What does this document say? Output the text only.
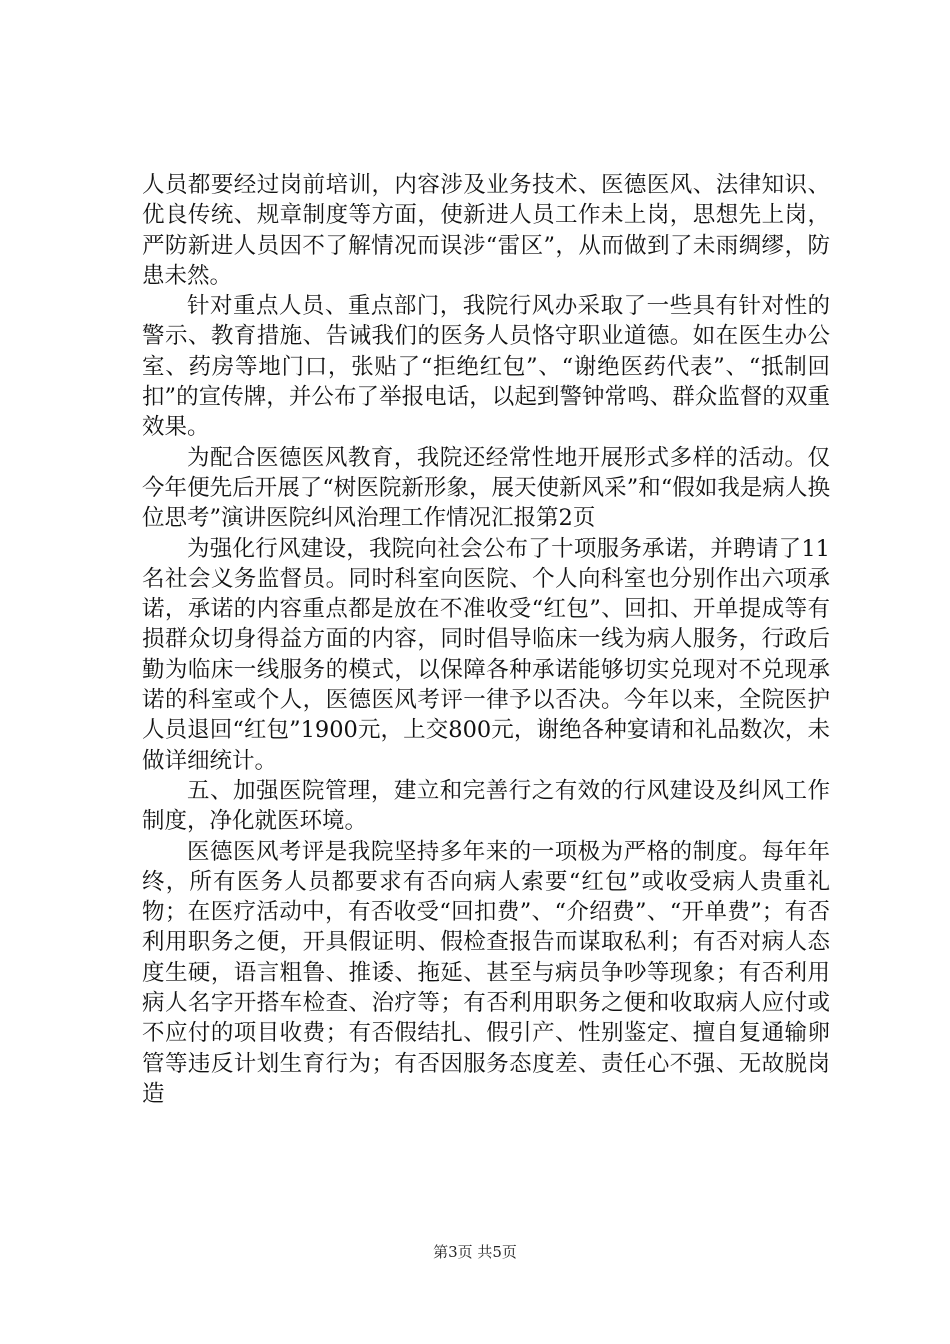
人员都要经过岗前培训，内容涉及业务技术、医德医风、法律知识、优良传统、规章制度等方面，使新进人员工作未上岗，思想先上岗，严防新进人员因不了解情况而误涉“雷区”，从而做到了未雨绸缪，防患未然。

针对重点人员、重点部门，我院行风办采取了一些具有针对性的警示、教育措施、告诫我们的医务人员恪守职业道德。如在医生办公室、药房等地门口，张贴了“拒绝红包”、“谢绝医药代表”、“抵制回扣”的宣传牌，并公布了举报电话，以起到警钟常鸣、群众监督的双重效果。

为配合医德医风教育，我院还经常性地开展形式多样的活动。仅今年便先后开展了“树医院新形象，展天使新风采”和“假如我是病人换位思考”演讲医院纠风治理工作情况汇报第2页

为强化行风建设，我院向社会公布了十项服务承诺，并聘请了11名社会义务监督员。同时科室向医院、个人向科室也分别作出六项承诺，承诺的内容重点都是放在不准收受“红包”、回扣、开单提成等有损群众切身得益方面的内容，同时倡导临床一线为病人服务，行政后勤为临床一线服务的模式，以保障各种承诺能够切实兑现对不兑现承诺的科室或个人，医德医风考评一律予以否决。今年以来，全院医护人员退回“红包”1900元，上交800元，谢绝各种宴请和礼品数次，未做详细统计。

五、加强医院管理，建立和完善行之有效的行风建设及纠风工作制度，净化就医环境。

医德医风考评是我院坚持多年来的一项极为严格的制度。每年年终，所有医务人员都要求有否向病人索要“红包”或收受病人贵重礼物；在医疗活动中，有否收受“回扣费”、“介绍费”、“开单费”；有否利用职务之便，开具假证明、假检查报告而谋取私利；有否对病人态度生硬，语言粗鲁、推诿、拖延、甚至与病员争吵等现象；有否利用病人名字开搭车检查、治疗等；有否利用职务之便和收取病人应付或不应付的项目收费；有否假结扎、假引产、性别鉴定、擅自复通输卵管等违反计划生育行为；有否因服务态度差、责任心不强、无故脱岗造

第3页 共5页
